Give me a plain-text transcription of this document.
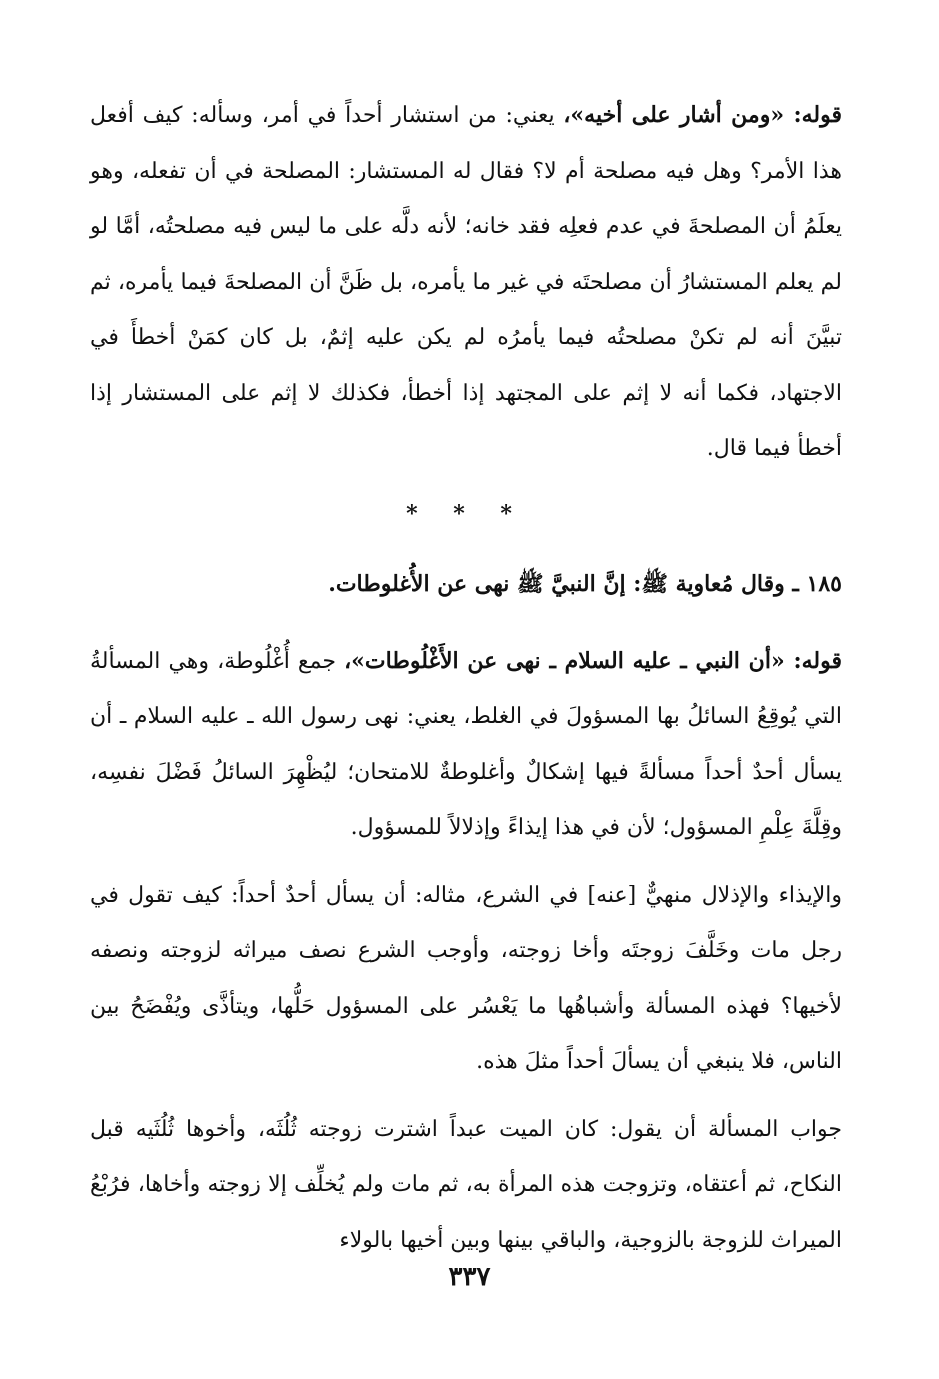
قوله: «ومن أشار على أخيه»، يعني: من استشار أحداً في أمر، وسأله: كيف أفعل هذا الأمر؟ وهل فيه مصلحة أم لا؟ فقال له المستشار: المصلحة في أن تفعله، وهو يعلَمُ أن المصلحةَ في عدم فعلِه فقد خانه؛ لأنه دلَّه على ما ليس فيه مصلحتُه، أمَّا لو لم يعلم المستشارُ أن مصلحتَه في غير ما يأمره، بل ظَنَّ أن المصلحةَ فيما يأمره، ثم تبيَّنَ أنه لم تكنْ مصلحتُه فيما يأمرُه لم يكن عليه إثمٌ، بل كان كمَنْ أخطأَ في الاجتهاد، فكما أنه لا إثم على المجتهد إذا أخطأ، فكذلك لا إثم على المستشار إذا أخطأ فيما قال.

* * *

١٨٥ ـ وقال مُعاوية ﷺ: إنَّ النبيَّ ﷺ نهى عن الأُغلوطات.

قوله: «أن النبي ـ عليه السلام ـ نهى عن الأَغْلُوطات»، جمع أُغْلُوطة، وهي المسألةُ التي يُوقِعُ السائلُ بها المسؤولَ في الغلط، يعني: نهى رسول الله ـ عليه السلام ـ أن يسأل أحدٌ أحداً مسألةً فيها إشكالٌ وأغلوطةٌ للامتحان؛ ليُظْهِرَ السائلُ فَضْلَ نفسِه، وقِلَّةَ عِلْمِ المسؤول؛ لأن في هذا إيذاءً وإذلالاً للمسؤول.

والإيذاء والإذلال منهيٌّ [عنه] في الشرع، مثاله: أن يسأل أحدٌ أحداً: كيف تقول في رجل مات وخَلَّفَ زوجتَه وأخا زوجته، وأوجب الشرع نصف ميراثه لزوجته ونصفه لأخيها؟ فهذه المسألة وأشباهُها ما يَعْسُر على المسؤول حَلُّها، ويتأذَّى ويُفْضَحُ بين الناس، فلا ينبغي أن يسألَ أحداً مثلَ هذه.

جواب المسألة أن يقول: كان الميت عبداً اشترت زوجته ثُلُثَه، وأخوها ثُلُثَيه قبل النكاح، ثم أعتقاه، وتزوجت هذه المرأة به، ثم مات ولم يُخلِّف إلا زوجته وأخاها، فرُبْعُ الميراث للزوجة بالزوجية، والباقي بينها وبين أخيها بالولاء

٣٣٧
